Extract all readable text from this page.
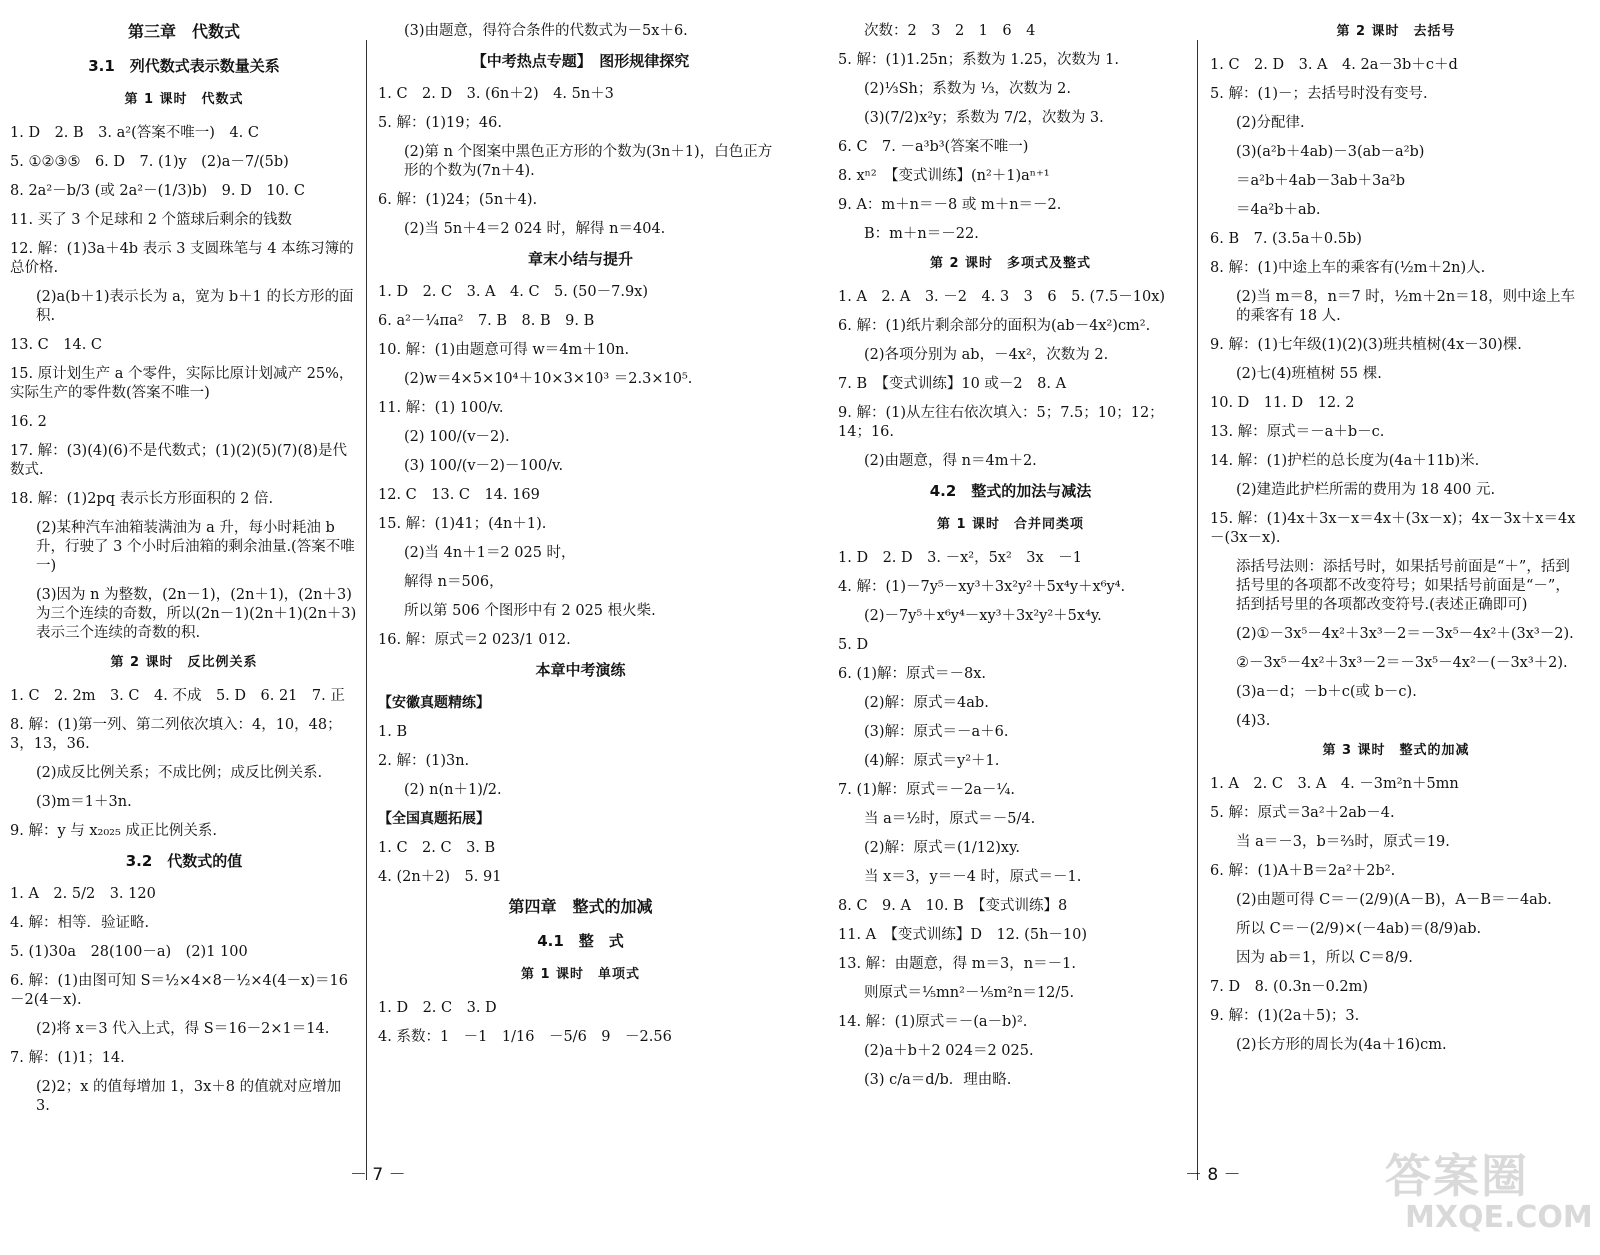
第三章　代数式
3.1　列代数式表示数量关系
第 1 课时　代数式
1. D　2. B　3. a²(答案不唯一)　4. C
5. ①②③⑤　6. D　7. (1)y　(2)a－7/(5b)
8. 2a²－b/3 (或 2a²－(1/3)b)　9. D　10. C
11. 买了 3 个足球和 2 个篮球后剩余的钱数
12. 解：(1)3a＋4b 表示 3 支圆珠笔与 4 本练习簿的总价格.
(2)a(b＋1)表示长为 a，宽为 b＋1 的长方形的面积.
13. C　14. C
15. 原计划生产 a 个零件，实际比原计划减产 25%，实际生产的零件数(答案不唯一)
16. 2
17. 解：(3)(4)(6)不是代数式；(1)(2)(5)(7)(8)是代数式.
18. 解：(1)2pq 表示长方形面积的 2 倍.
(2)某种汽车油箱装满油为 a 升，每小时耗油 b 升，行驶了 3 个小时后油箱的剩余油量.(答案不唯一)
(3)因为 n 为整数，(2n－1)，(2n＋1)，(2n＋3)为三个连续的奇数，所以(2n－1)(2n＋1)(2n＋3)表示三个连续的奇数的积.
第 2 课时　反比例关系
1. C　2. 2m　3. C　4. 不成　5. D　6. 21　7. 正
8. 解：(1)第一列、第二列依次填入：4，10，48；3，13，36.
(2)成反比例关系；不成比例；成反比例关系.
(3)m＝1＋3n.
9. 解：y 与 x₂₀₂₅ 成正比例关系.
3.2　代数式的值
1. A　2. 5/2　3. 120
4. 解：相等．验证略.
5. (1)30a　28(100－a)　(2)1 100
6. 解：(1)由图可知 S＝½×4×8－½×4(4－x)＝16－2(4－x).
(2)将 x＝3 代入上式，得 S＝16－2×1＝14.
7. 解：(1)1；14.
(2)2；x 的值每增加 1，3x＋8 的值就对应增加 3.
(3)由题意，得符合条件的代数式为－5x＋6.
【中考热点专题】　图形规律探究
1. C　2. D　3. (6n＋2)　4. 5n＋3
5. 解：(1)19；46.
(2)第 n 个图案中黑色正方形的个数为(3n＋1)，白色正方形的个数为(7n＋4).
6. 解：(1)24；(5n＋4).
(2)当 5n＋4＝2 024 时，解得 n＝404.
章末小结与提升
1. D　2. C　3. A　4. C　5. (50－7.9x)
6. a²－¼πa²　7. B　8. B　9. B
10. 解：(1)由题意可得 w＝4m＋10n.
(2)w＝4×5×10⁴＋10×3×10³ ＝2.3×10⁵.
11. 解：(1) 100/v.
(2) 100/(v－2).
(3) 100/(v－2)－100/v.
12. C　13. C　14. 169
15. 解：(1)41；(4n＋1).
(2)当 4n＋1＝2 025 时，
解得 n＝506，
所以第 506 个图形中有 2 025 根火柴.
16. 解：原式＝2 023/1 012.
本章中考演练
【安徽真题精练】
1. B
2. 解：(1)3n.
(2) n(n＋1)/2.
【全国真题拓展】
1. C　2. C　3. B
4. (2n＋2)　5. 91
第四章　整式的加减
4.1　整　式
第 1 课时　单项式
1. D　2. C　3. D
4. 系数：1　－1　1/16　－5/6　9　－2.56
－ 7 －
次数：2　3　2　1　6　4
5. 解：(1)1.25n；系数为 1.25，次数为 1.
(2)⅓Sh；系数为 ⅓，次数为 2.
(3)(7/2)x²y；系数为 7/2，次数为 3.
6. C　7. －a³b³(答案不唯一)
8. xⁿ²　【变式训练】(n²＋1)aⁿ⁺¹
9. A：m＋n＝－8 或 m＋n＝－2.
B：m＋n＝－22.
第 2 课时　多项式及整式
1. A　2. A　3. －2　4. 3　3　6　5. (7.5－10x)
6. 解：(1)纸片剩余部分的面积为(ab－4x²)cm².
(2)各项分别为 ab，－4x²，次数为 2.
7. B　【变式训练】10 或－2　8. A
9. 解：(1)从左往右依次填入：5；7.5；10；12；14；16.
(2)由题意，得 n＝4m＋2.
4.2　整式的加法与减法
第 1 课时　合并同类项
1. D　2. D　3. －x²，5x²　3x　－1
4. 解：(1)－7y⁵－xy³＋3x²y²＋5x⁴y＋x⁶y⁴.
(2)－7y⁵＋x⁶y⁴－xy³＋3x²y²＋5x⁴y.
5. D
6. (1)解：原式＝－8x.
(2)解：原式＝4ab.
(3)解：原式＝－a＋6.
(4)解：原式＝y²＋1.
7. (1)解：原式＝－2a－¼.
当 a＝½时，原式＝－5/4.
(2)解：原式＝(1/12)xy.
当 x＝3，y＝－4 时，原式＝－1.
8. C　9. A　10. B　【变式训练】8
11. A　【变式训练】D　12. (5h－10)
13. 解：由题意，得 m＝3，n＝－1.
则原式＝⅕mn²－⅕m²n＝12/5.
14. 解：(1)原式＝－(a－b)².
(2)a＋b＋2 024＝2 025.
(3) c/a＝d/b．理由略.
第 2 课时　去括号
1. C　2. D　3. A　4. 2a－3b＋c＋d
5. 解：(1)－；去括号时没有变号.
(2)分配律.
(3)(a²b＋4ab)－3(ab－a²b)
＝a²b＋4ab－3ab＋3a²b
＝4a²b＋ab.
6. B　7. (3.5a＋0.5b)
8. 解：(1)中途上车的乘客有(½m＋2n)人.
(2)当 m＝8，n＝7 时，½m＋2n＝18，则中途上车的乘客有 18 人.
9. 解：(1)七年级(1)(2)(3)班共植树(4x－30)棵.
(2)七(4)班植树 55 棵.
10. D　11. D　12. 2
13. 解：原式＝－a＋b－c.
14. 解：(1)护栏的总长度为(4a＋11b)米.
(2)建造此护栏所需的费用为 18 400 元.
15. 解：(1)4x＋3x－x＝4x＋(3x－x)；4x－3x＋x＝4x－(3x－x).
添括号法则：添括号时，如果括号前面是“＋”，括到括号里的各项都不改变符号；如果括号前面是“－”，括到括号里的各项都改变符号.(表述正确即可)
(2)①－3x⁵－4x²＋3x³－2＝－3x⁵－4x²＋(3x³－2).
②－3x⁵－4x²＋3x³－2＝－3x⁵－4x²－(－3x³＋2).
(3)a－d；－b＋c(或 b－c).
(4)3.
第 3 课时　整式的加减
1. A　2. C　3. A　4. －3m²n＋5mn
5. 解：原式＝3a²＋2ab－4.
当 a＝－3，b＝⅔时，原式＝19.
6. 解：(1)A＋B＝2a²＋2b².
(2)由题可得 C＝－(2/9)(A－B)，A－B＝－4ab.
所以 C＝－(2/9)×(－4ab)＝(8/9)ab.
因为 ab＝1，所以 C＝8/9.
7. D　8. (0.3n－0.2m)
9. 解：(1)(2a＋5)；3.
(2)长方形的周长为(4a＋16)cm.
－ 8 －	答案圈
MXQE.COM
